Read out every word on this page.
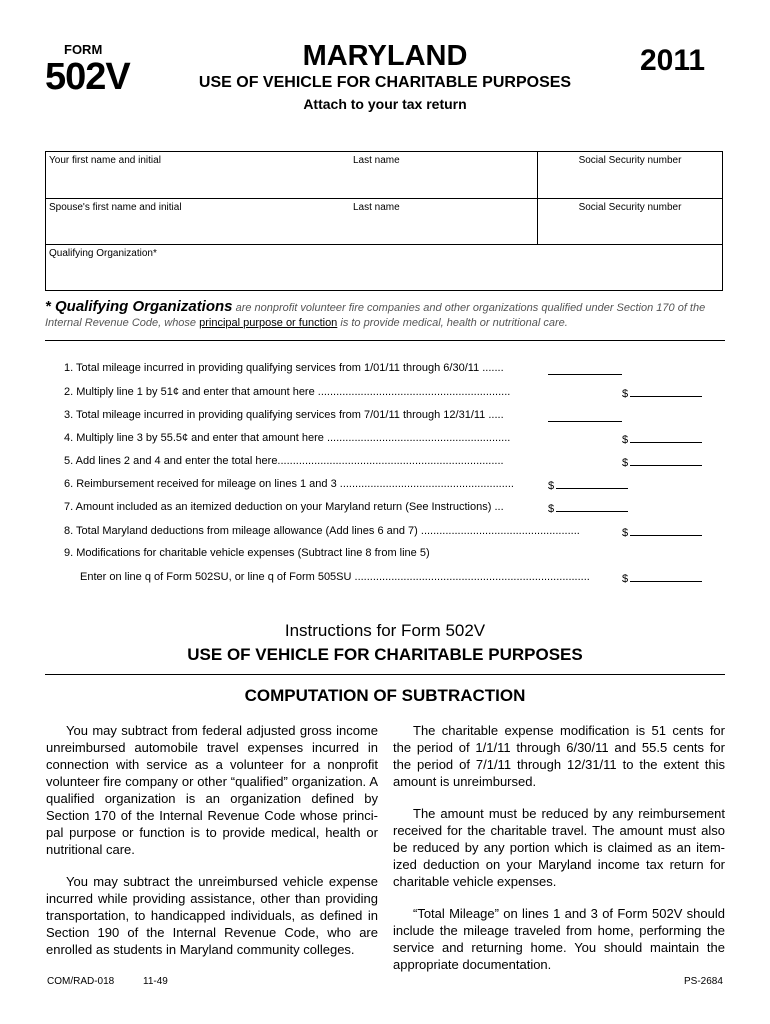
FORM
502V	MARYLAND
USE OF VEHICLE FOR CHARITABLE PURPOSES
Attach to your tax return
2011
Your first name and initial	Last name	Social Security number
Spouse's first name and initial	Last name	Social Security number
Qualifying Organization*
* Qualifying Organizations are nonprofit volunteer fire companies and other organizations qualified under Section 170 of the Internal Revenue Code, whose principal purpose or function is to provide medical, health or nutritional care.
1. Total mileage incurred in providing qualifying services from 1/01/11 through 6/30/11 .......
2. Multiply line 1 by 51¢ and enter that amount here ...............................................................	$
3. Total mileage incurred in providing qualifying services from 7/01/11 through 12/31/11 .....
4. Multiply line 3 by 55.5¢ and enter that amount here ............................................................	$
5. Add lines 2 and 4 and enter the total here..........................................................................	$
6. Reimbursement received for mileage on lines 1 and 3 .........................................................	$
7. Amount included as an itemized deduction on your Maryland return (See Instructions) ...	$
8. Total Maryland deductions from mileage allowance (Add lines 6 and 7) ....................................................	$
9. Modifications for charitable vehicle expenses (Subtract line 8 from line 5)
Enter on line q of Form 502SU, or line q of Form 505SU .............................................................................	$
Instructions for Form 502V
USE OF VEHICLE FOR CHARITABLE PURPOSES
COMPUTATION OF SUBTRACTION

You may subtract from federal adjusted gross income unreimbursed automobile travel expenses incurred in connection with service as a volunteer for a nonprofit volunteer fire company or other “qualified” organization. A qualified organization is an organization defined by Section 170 of the Internal Revenue Code whose princi- pal purpose or function is to provide medical, health or nutritional care.

You may subtract the unreimbursed vehicle expense incurred while providing assistance, other than providing transportation, to handicapped individuals, as defined in Section 190 of the Internal Revenue Code, who are enrolled as students in Maryland community colleges.

The charitable expense modification is 51 cents for the period of 1/1/11 through 6/30/11 and 55.5 cents for the period of 7/1/11 through 12/31/11 to the extent this amount is unreimbursed.

The amount must be reduced by any reimbursement received for the charitable travel. The amount must also be reduced by any portion which is claimed as an item- ized deduction on your Maryland income tax return for charitable vehicle expenses.

“Total Mileage” on lines 1 and 3 of Form 502V should include the mileage traveled from home, performing the service and returning home. You should maintain the appropriate documentation.

COM/RAD-018	11-49	PS-2684
